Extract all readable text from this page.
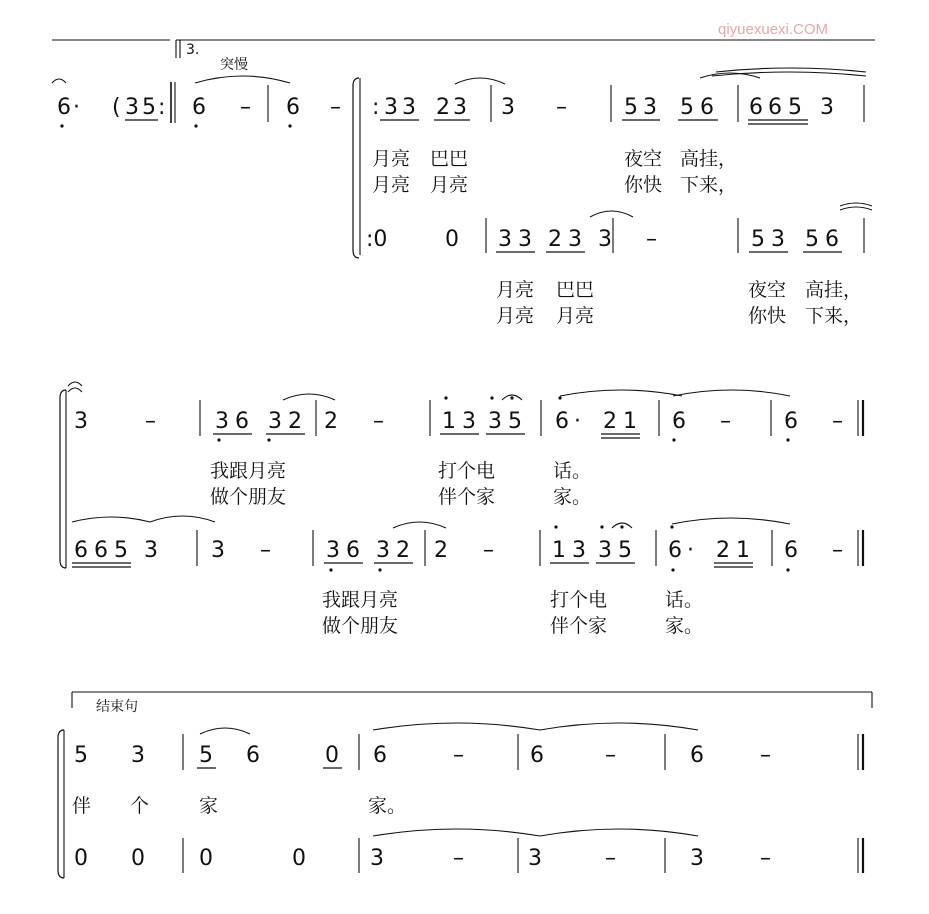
qiyuexuexi.COM
3.
突慢
6 · ( 3 5 : 6 – 6 – : 3 3 2 3 3 –	5 3 5 6 6 6 5 3
月亮 巴巴	夜空 高挂，
月亮 月亮	你快 下来，
:0	0 3 3 2 3 3 –	5 3 5 6
月亮 巴巴	夜空 高挂，
月亮 月亮	你快 下来，
3	–	3 6 3 2 2 –	1 3 3 5 6 · 2 1 6 – 6 –
我跟月亮	打个电	话。
做个朋友	伴个家	家。
6 6 5 3 3 –	3 6 3 2 2 –	1 3 3 5 6 · 2 1 6 –
我跟月亮	打个电	话。
做个朋友	伴个家	家。
结束句
5 3 5 6	0 6	–	6	–	6	–
伴 个	家	家。
0 0 0	0	3	–	3	–	3	–
